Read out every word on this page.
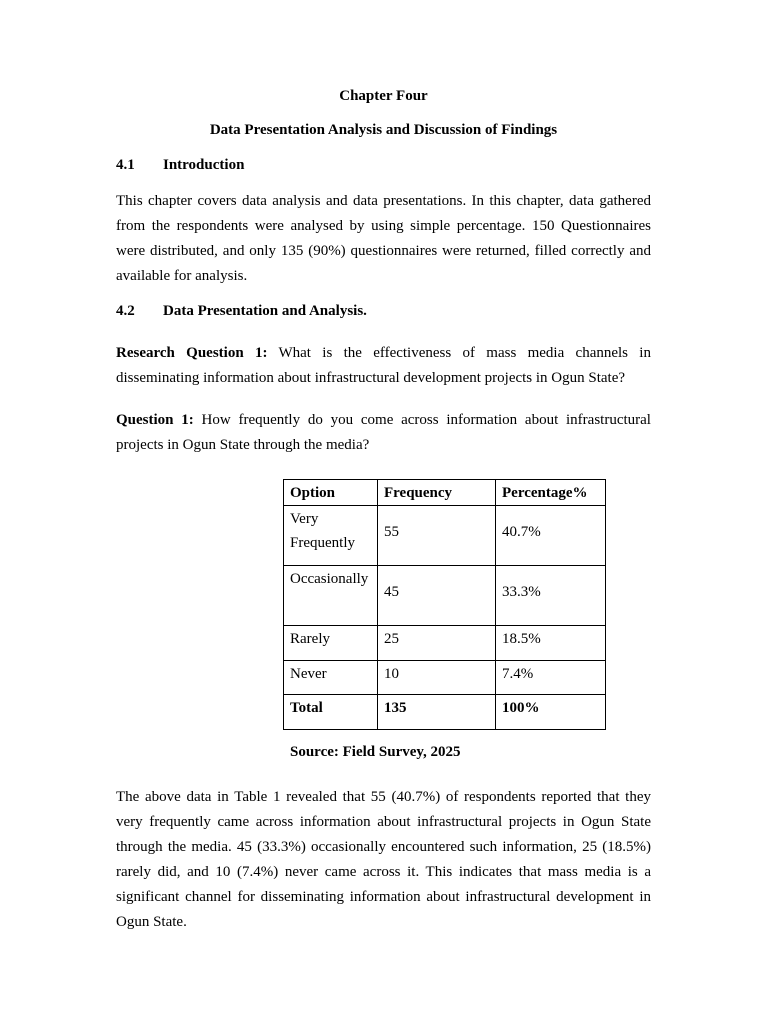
Chapter Four
Data Presentation Analysis and Discussion of Findings
4.1 Introduction
This chapter covers data analysis and data presentations. In this chapter, data gathered from the respondents were analysed by using simple percentage. 150 Questionnaires were distributed, and only 135 (90%) questionnaires were returned, filled correctly and available for analysis.
4.2 Data Presentation and Analysis.
Research Question 1: What is the effectiveness of mass media channels in disseminating information about infrastructural development projects in Ogun State?
Question 1: How frequently do you come across information about infrastructural projects in Ogun State through the media?
Option	Frequency	Percentage%
Very Frequently	55	40.7%
Occasionally	45	33.3%
Rarely	25	18.5%
Never	10	7.4%
Total	135	100%
Source: Field Survey, 2025
The above data in Table 1 revealed that 55 (40.7%) of respondents reported that they very frequently came across information about infrastructural projects in Ogun State through the media. 45 (33.3%) occasionally encountered such information, 25 (18.5%) rarely did, and 10 (7.4%) never came across it. This indicates that mass media is a significant channel for disseminating information about infrastructural development in Ogun State.
